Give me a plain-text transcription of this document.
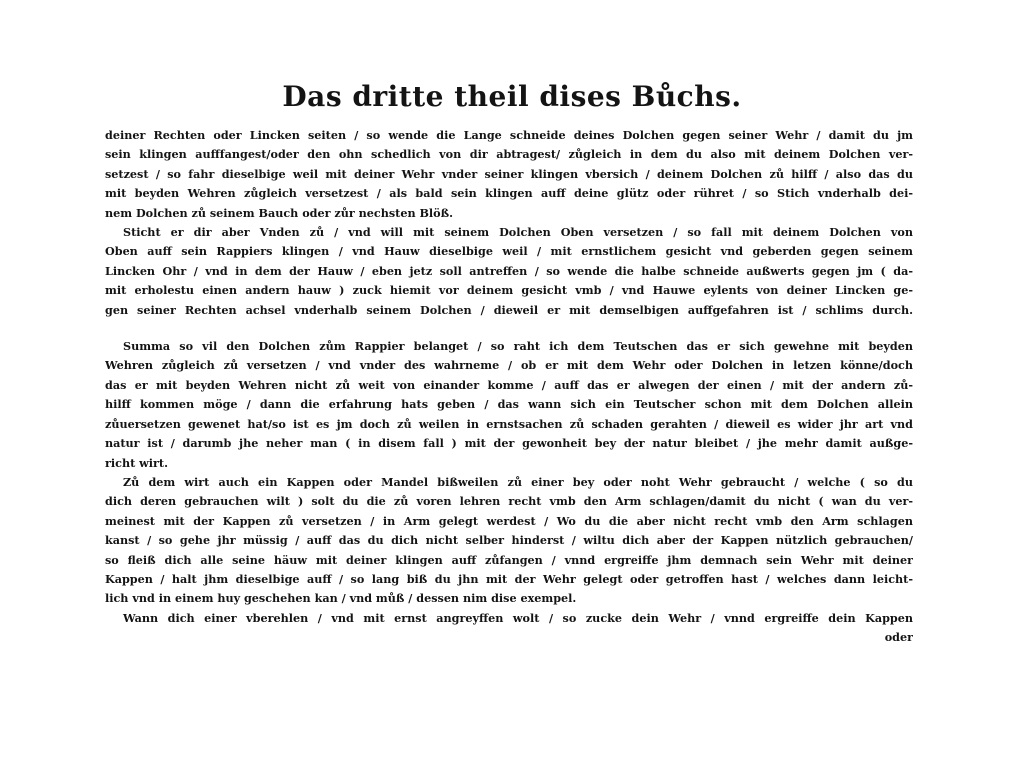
Das dritte theil dises Bůchs.
deiner Rechten oder Lincken seiten / so wende die Lange schneide deines Dolchen gegen seiner Wehr / damit du jm
sein klingen aufffangest/oder den ohn schedlich von dir abtragest/ zůgleich in dem du also mit deinem Dolchen ver-
setzest / so fahr dieselbige weil mit deiner Wehr vnder seiner klingen vbersich / deinem Dolchen zů hilff / also das du
mit beyden Wehren zůgleich versetzest / als bald sein klingen auff deine glütz oder rühret / so Stich vnderhalb dei-
nem Dolchen zů seinem Bauch oder zůr nechsten Blöß.
Sticht er dir aber Vnden zů / vnd will mit seinem Dolchen Oben versetzen / so fall mit deinem Dolchen von
Oben auff sein Rappiers klingen / vnd Hauw dieselbige weil / mit ernstlichem gesicht vnd geberden gegen seinem
Lincken Ohr / vnd in dem der Hauw / eben jetz soll antreffen / so wende die halbe schneide außwerts gegen jm ( da-
mit erholestu einen andern hauw ) zuck hiemit vor deinem gesicht vmb / vnd Hauwe eylents von deiner Lincken ge-
gen seiner Rechten achsel vnderhalb seinem Dolchen / dieweil er mit demselbigen auffgefahren ist / schlims durch.
Summa so vil den Dolchen zům Rappier belanget / so raht ich dem Teutschen das er sich gewehne mit beyden
Wehren zůgleich zů versetzen / vnd vnder des wahrneme / ob er mit dem Wehr oder Dolchen in letzen könne/doch
das er mit beyden Wehren nicht zů weit von einander komme / auff das er alwegen der einen / mit der andern zů-
hilff kommen möge / dann die erfahrung hats geben / das wann sich ein Teutscher schon mit dem Dolchen allein
zůuersetzen gewenet hat/so ist es jm doch zů weilen in ernstsachen zů schaden gerahten / dieweil es wider jhr art vnd
natur ist / darumb jhe neher man ( in disem fall ) mit der gewonheit bey der natur bleibet / jhe mehr damit außge-
richt wirt.
Zů dem wirt auch ein Kappen oder Mandel bißweilen zů einer bey oder noht Wehr gebraucht / welche ( so du
dich deren gebrauchen wilt ) solt du die zů voren lehren recht vmb den Arm schlagen/damit du nicht ( wan du ver-
meinest mit der Kappen zů versetzen / in Arm gelegt werdest / Wo du die aber nicht recht vmb den Arm schlagen
kanst / so gehe jhr müssig / auff das du dich nicht selber hinderst / wiltu dich aber der Kappen nützlich gebrauchen/
so fleiß dich alle seine häuw mit deiner klingen auff zůfangen / vnnd ergreiffe jhm demnach sein Wehr mit deiner
Kappen / halt jhm dieselbige auff / so lang biß du jhn mit der Wehr gelegt oder getroffen hast / welches dann leicht-
lich vnd in einem huy geschehen kan / vnd můß / dessen nim dise exempel.
Wann dich einer vberehlen / vnd mit ernst angreyffen wolt / so zucke dein Wehr / vnnd ergreiffe dein Kappen
oder
